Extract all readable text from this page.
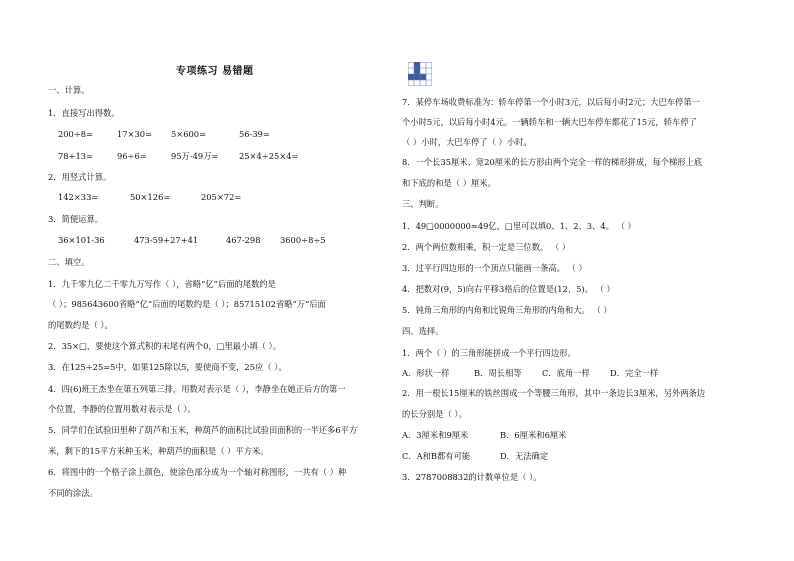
专项练习 易错题
一、计算。
1．直接写出得数。
200÷8=	17×30= 5×600=	56-39=
78+13=	96÷6=	95万-49万= 25×4÷25×4=
2．用竖式计算。
142×33=	50×126=	205×72=
3．简便运算。
36×101-36	473-59+27+41	467-298 3600÷8÷5
二、填空。
1．九千零九亿二千零九万写作（ ），省略“亿”后面的尾数约是
（ ）；985643600省略“亿”后面的尾数约是（ ）；85715102省略“万”后面
的尾数约是（ ）。
2．35×□，要使这个算式积的末尾有两个0，□里最小填（ ）。
3．在125÷25=5中，如果125除以5，要使商不变，25应（ ）。
4．四(6)班王杰坐在第五列第三排，用数对表示是（ ），李静坐在她正后方的第一
个位置，李静的位置用数对表示是（ ）。
5．同学们在试验田里种了葫芦和玉米，种葫芦的面积比试验田面积的一半还多6平方
米，剩下的15平方米种玉米，种葫芦的面积是（ ）平方米。
6．将图中的一个格子涂上颜色，使涂色部分成为一个轴对称图形，一共有（ ）种
不同的涂法。
7．某停车场收费标准为：轿车停第一个小时3元，以后每小时2元；大巴车停第一
个小时5元，以后每小时4元。一辆轿车和一辆大巴车停车都花了15元，轿车停了
（ ）小时，大巴车停了（ ）小时。
8．一个长35厘米、宽20厘米的长方形由两个完全一样的梯形拼成，每个梯形上底
和下底的和是（ ）厘米。
三、判断。
1．49□0000000≈49亿，□里可以填0、1、2、3、4。 （ ）
2．两个两位数相乘，积一定是三位数。 （ ）
3．过平行四边形的一个顶点只能画一条高。 （ ）
4．把数对(9，5)向右平移3格后的位置是(12，5)。 （ ）
5．钝角三角形的内角和比锐角三角形的内角和大。 （ ）
四、选择。
1．两个（ ）的三角形能拼成一个平行四边形。
A．形状一样	B．周长相等 C．底角一样 D．完全一样
2．用一根长15厘米的铁丝围成一个等腰三角形，其中一条边长3厘米，另外两条边
的长分别是（ ）。
A．3厘米和9厘米	B．6厘米和6厘米
C．A和B都有可能	D．无法确定
3．2787008832的计数单位是（ ）。
